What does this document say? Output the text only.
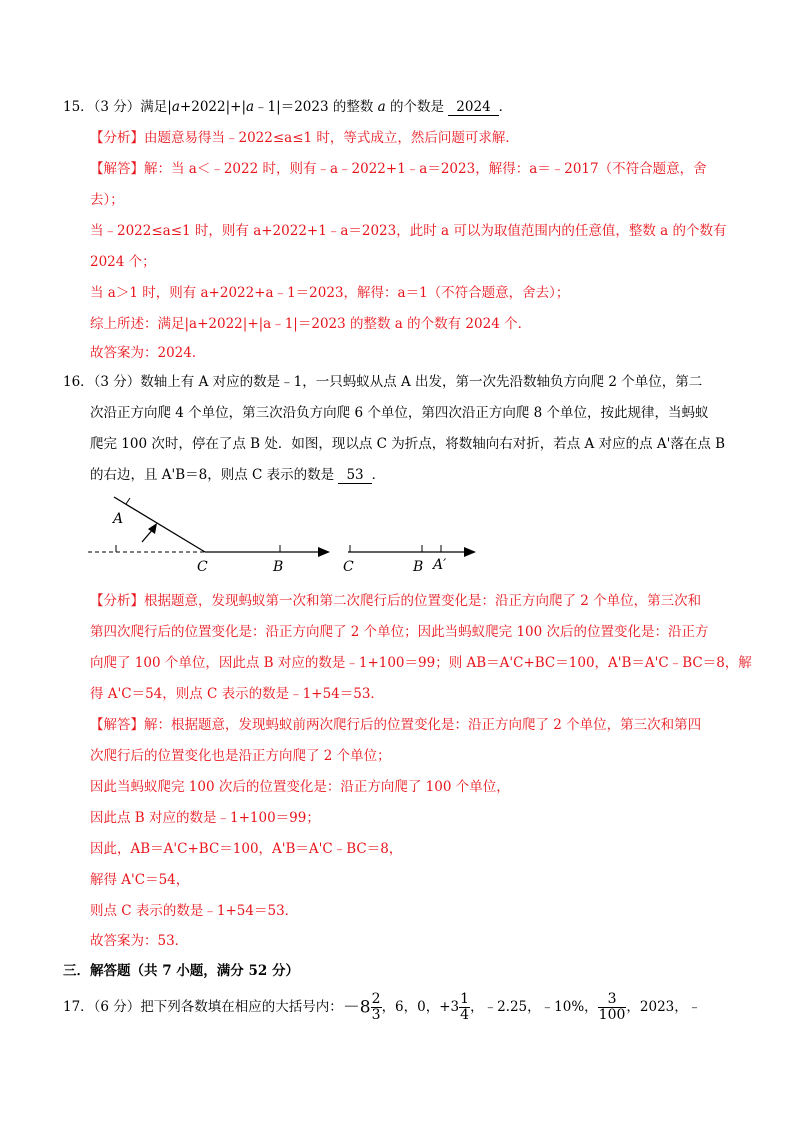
15．（3 分）满足|a+2022|+|a﹣1|＝2023 的整数 a 的个数是 2024 ．
【分析】由题意易得当﹣2022≤a≤1 时，等式成立，然后问题可求解．
【解答】解：当 a＜﹣2022 时，则有﹣a﹣2022+1﹣a＝2023，解得：a＝﹣2017（不符合题意，舍
去）；
当﹣2022≤a≤1 时，则有 a+2022+1﹣a＝2023，此时 a 可以为取值范围内的任意值，整数 a 的个数有
2024 个；
当 a＞1 时，则有 a+2022+a﹣1＝2023，解得：a＝1（不符合题意，舍去）；
综上所述：满足|a+2022|+|a﹣1|＝2023 的整数 a 的个数有 2024 个．
故答案为：2024．
16．（3 分）数轴上有 A 对应的数是﹣1，一只蚂蚁从点 A 出发，第一次先沿数轴负方向爬 2 个单位，第二
次沿正方向爬 4 个单位，第三次沿负方向爬 6 个单位，第四次沿正方向爬 8 个单位，按此规律，当蚂蚁
爬完 100 次时，停在了点 B 处．如图，现以点 C 为折点，将数轴向右对折，若点 A 对应的点 A'落在点 B
的右边，且 A'B＝8，则点 C 表示的数是 53 ．
A
C	B	C	B A′
【分析】根据题意，发现蚂蚁第一次和第二次爬行后的位置变化是：沿正方向爬了 2 个单位，第三次和
第四次爬行后的位置变化是：沿正方向爬了 2 个单位；因此当蚂蚁爬完 100 次后的位置变化是：沿正方
向爬了 100 个单位，因此点 B 对应的数是﹣1+100＝99；则 AB＝A'C+BC＝100，A'B＝A'C﹣BC＝8，解
得 A'C＝54，则点 C 表示的数是﹣1+54＝53．
【解答】解：根据题意，发现蚂蚁前两次爬行后的位置变化是：沿正方向爬了 2 个单位，第三次和第四
次爬行后的位置变化也是沿正方向爬了 2 个单位；
因此当蚂蚁爬完 100 次后的位置变化是：沿正方向爬了 100 个单位，
因此点 B 对应的数是﹣1+100＝99；
因此，AB＝A'C+BC＝100，A'B＝A'C﹣BC＝8，
解得 A'C＝54，
则点 C 表示的数是﹣1+54＝53．
故答案为：53．
三．解答题（共 7 小题，满分 52 分）
17．（6 分）把下列各数填在相应的大括号内：$-8 \frac{2}{3}$ ，6，0，$+3 \frac{1}{4}$ ，﹣2.25，﹣10%， $\frac{3}{100}$ ，2023，﹣
